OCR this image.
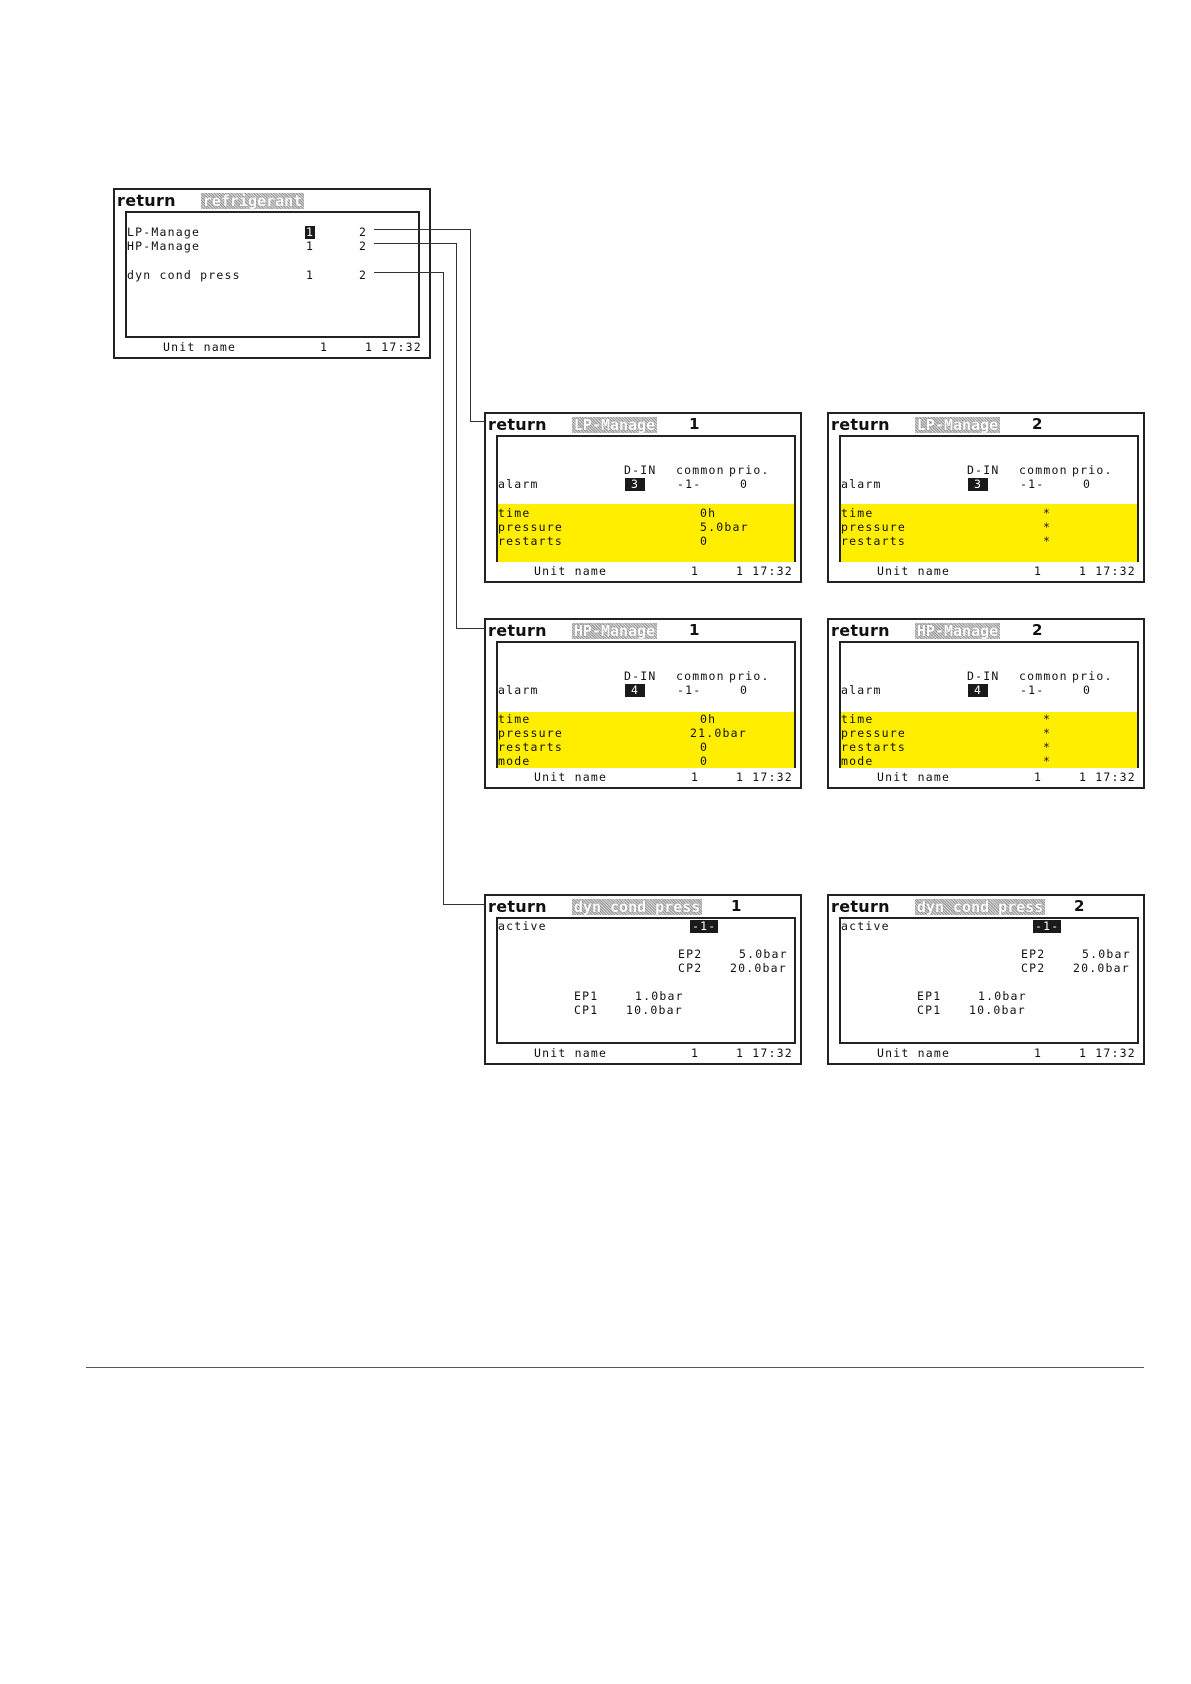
return refrigerant
LP-Manage	1	2
HP-Manage	1	2
dyn cond press	1	2
Unit name	1	1 17:32
return LP-Manage	1
D-IN common prio.
alarm	3	-1-	0
time	0h
pressure	5.0bar
restarts	0
Unit name	1	1 17:32
return LP-Manage	2
D-IN common prio.
alarm	3	-1-	0
time	*
pressure	*
restarts	*
Unit name	1	1 17:32
return HP-Manage	1
D-IN common prio.
alarm	4	-1-	0
time	0h
pressure	21.0bar
restarts	0
mode	0
Unit name	1	1 17:32
return HP-Manage	2
D-IN common prio.
alarm	4	-1-	0
time	*
pressure	*
restarts	*
mode	*
Unit name	1	1 17:32
return dyn cond press	1
active	-1-
EP2	5.0bar
CP2 20.0bar
EP1	1.0bar
CP1 10.0bar
Unit name	1	1 17:32
return dyn cond press	2
active	-1-
EP2	5.0bar
CP2 20.0bar
EP1	1.0bar
CP1 10.0bar
Unit name	1	1 17:32
